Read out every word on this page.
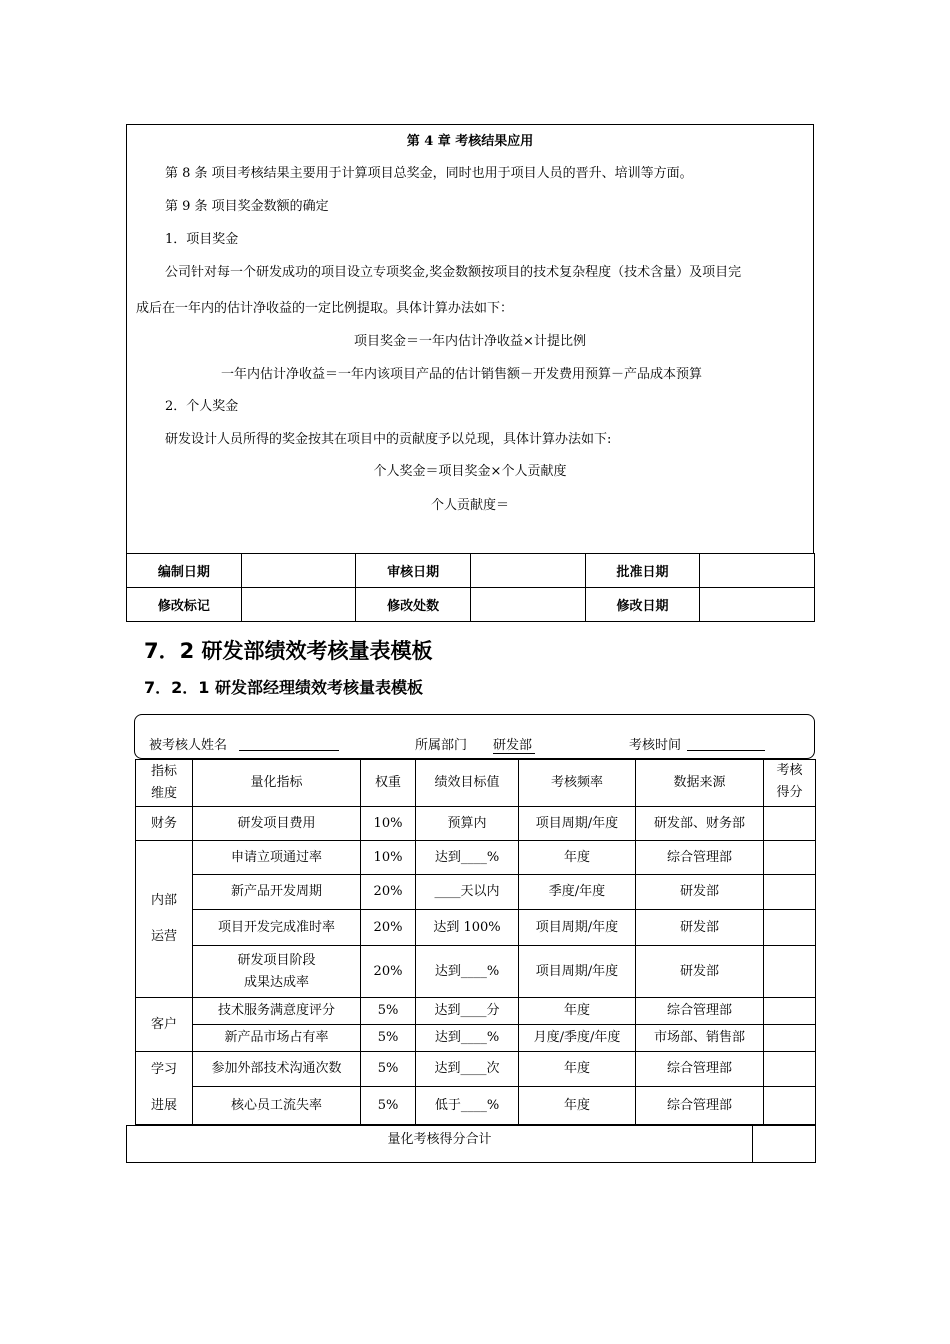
第 4 章 考核结果应用
第 8 条 项目考核结果主要用于计算项目总奖金，同时也用于项目人员的晋升、培训等方面。
第 9 条 项目奖金数额的确定
1．项目奖金
公司针对每一个研发成功的项目设立专项奖金,奖金数额按项目的技术复杂程度（技术含量）及项目完
成后在一年内的估计净收益的一定比例提取。具体计算办法如下：
项目奖金＝一年内估计净收益×计提比例
一年内估计净收益＝一年内该项目产品的估计销售额－开发费用预算－产品成本预算
2．个人奖金
研发设计人员所得的奖金按其在项目中的贡献度予以兑现，具体计算办法如下:
个人奖金＝项目奖金×个人贡献度
个人贡献度＝
编制日期		审核日期		批准日期	
修改标记		修改处数		修改日期	
7．2 研发部绩效考核量表模板
7．2．1 研发部经理绩效考核量表模板
被考核人姓名	所属部门 研发部	考核时间
指标
维度	量化指标	权重	绩效目标值	考核频率	数据来源	考核
得分
财务	研发项目费用	10%	预算内	项目周期/年度	研发部、财务部	
内部
运营	申请立项通过率	10%	达到____%	年度	综合管理部	
	新产品开发周期	20%	____天以内	季度/年度	研发部	
	项目开发完成准时率	20%	达到 100%	项目周期/年度	研发部	
	研发项目阶段
成果达成率	20%	达到____%	项目周期/年度	研发部	
客户	技术服务满意度评分	5%	达到____分	年度	综合管理部	
	新产品市场占有率	5%	达到____%	月度/季度/年度	市场部、销售部	
学习
进展	参加外部技术沟通次数	5%	达到____次	年度	综合管理部	
	核心员工流失率	5%	低于____%	年度	综合管理部	
量化考核得分合计	
